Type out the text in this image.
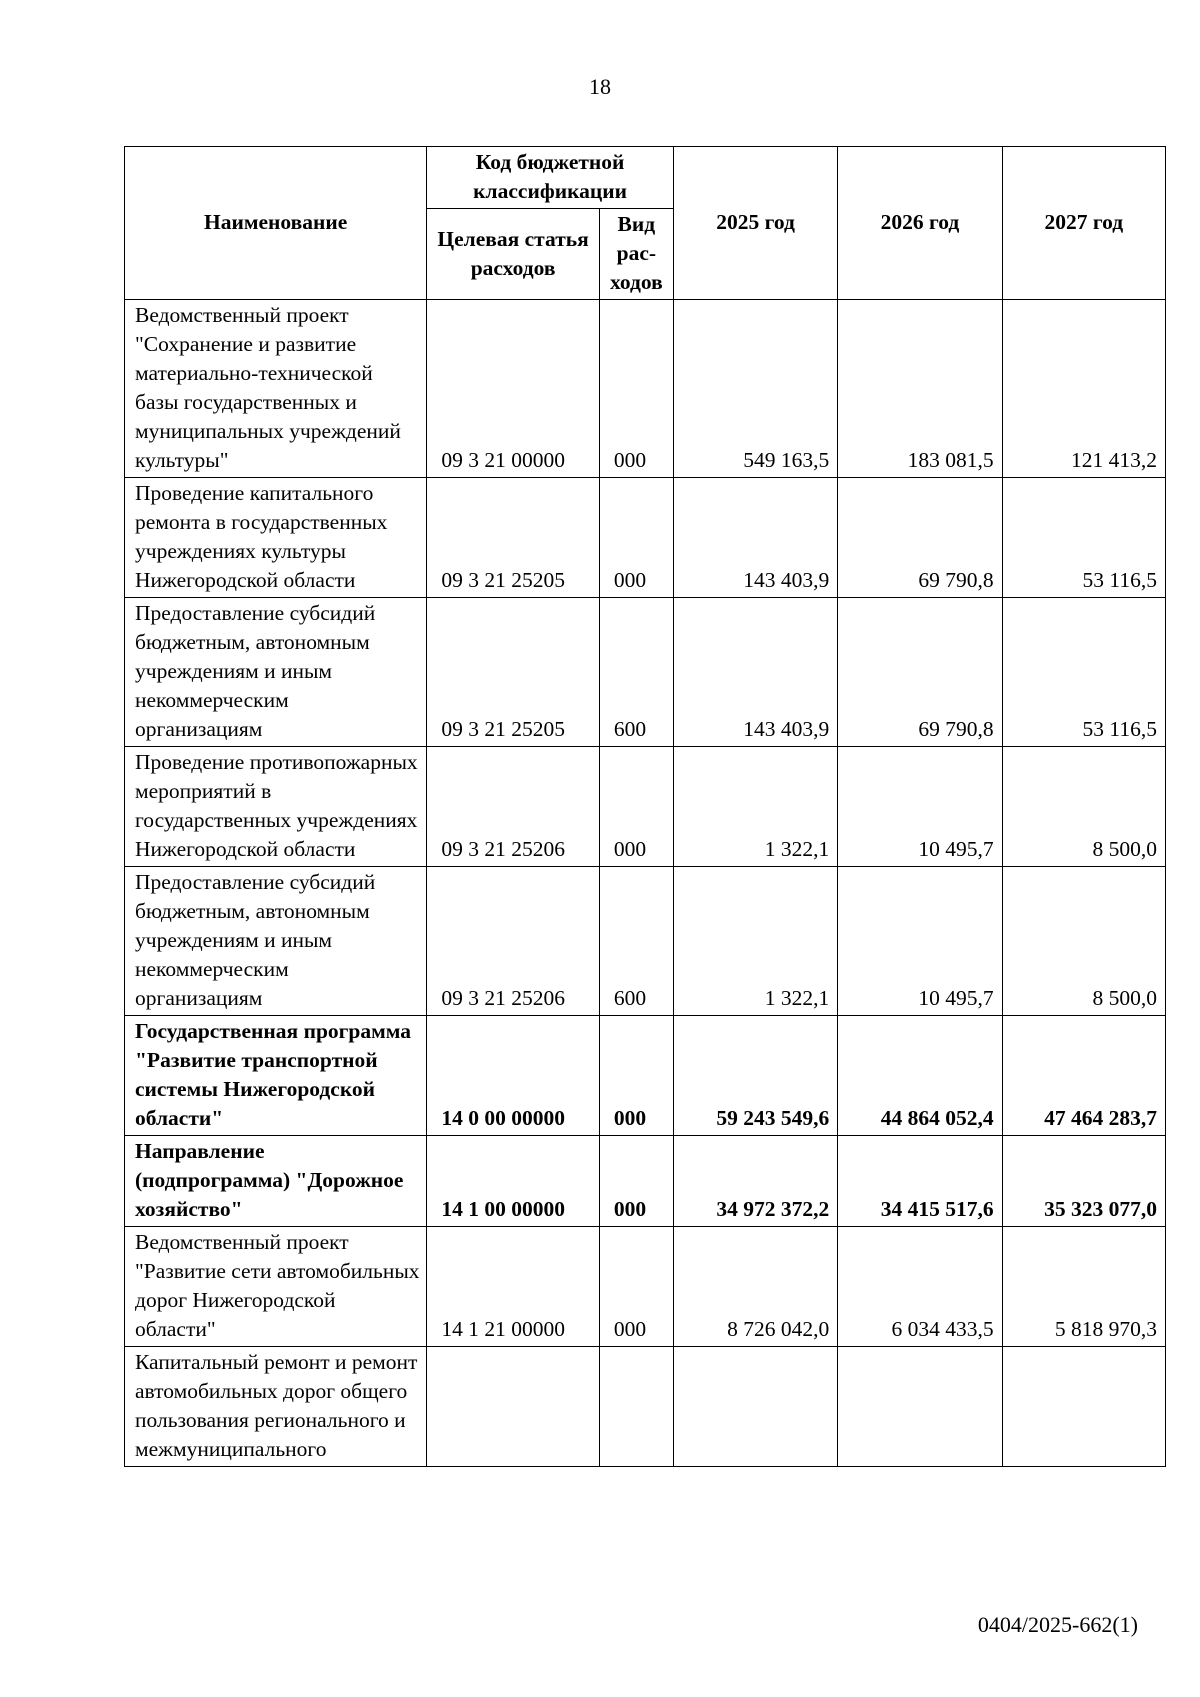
18
Наименование	Код бюджетной классификации		2025 год	2026 год	2027 год
	Целевая статья расходов	Вид рас-ходов			
Ведомственный проект "Сохранение и развитие материально-технической базы государственных и муниципальных учреждений культуры"	09 3 21 00000	000	549 163,5	183 081,5	121 413,2
Проведение капитального ремонта в государственных учреждениях культуры Нижегородской области	09 3 21 25205	000	143 403,9	69 790,8	53 116,5
Предоставление субсидий бюджетным, автономным учреждениям и иным некоммерческим организациям	09 3 21 25205	600	143 403,9	69 790,8	53 116,5
Проведение противопожарных мероприятий в государственных учреждениях Нижегородской области	09 3 21 25206	000	1 322,1	10 495,7	8 500,0
Предоставление субсидий бюджетным, автономным учреждениям и иным некоммерческим организациям	09 3 21 25206	600	1 322,1	10 495,7	8 500,0
Государственная программа "Развитие транспортной системы Нижегородской области"	14 0 00 00000	000	59 243 549,6	44 864 052,4	47 464 283,7
Направление (подпрограмма) "Дорожное хозяйство"	14 1 00 00000	000	34 972 372,2	34 415 517,6	35 323 077,0
Ведомственный проект "Развитие сети автомобильных дорог Нижегородской области"	14 1 21 00000	000	8 726 042,0	6 034 433,5	5 818 970,3
Капитальный ремонт и ремонт автомобильных дорог общего пользования регионального и межмуниципального					
0404/2025-662(1)
